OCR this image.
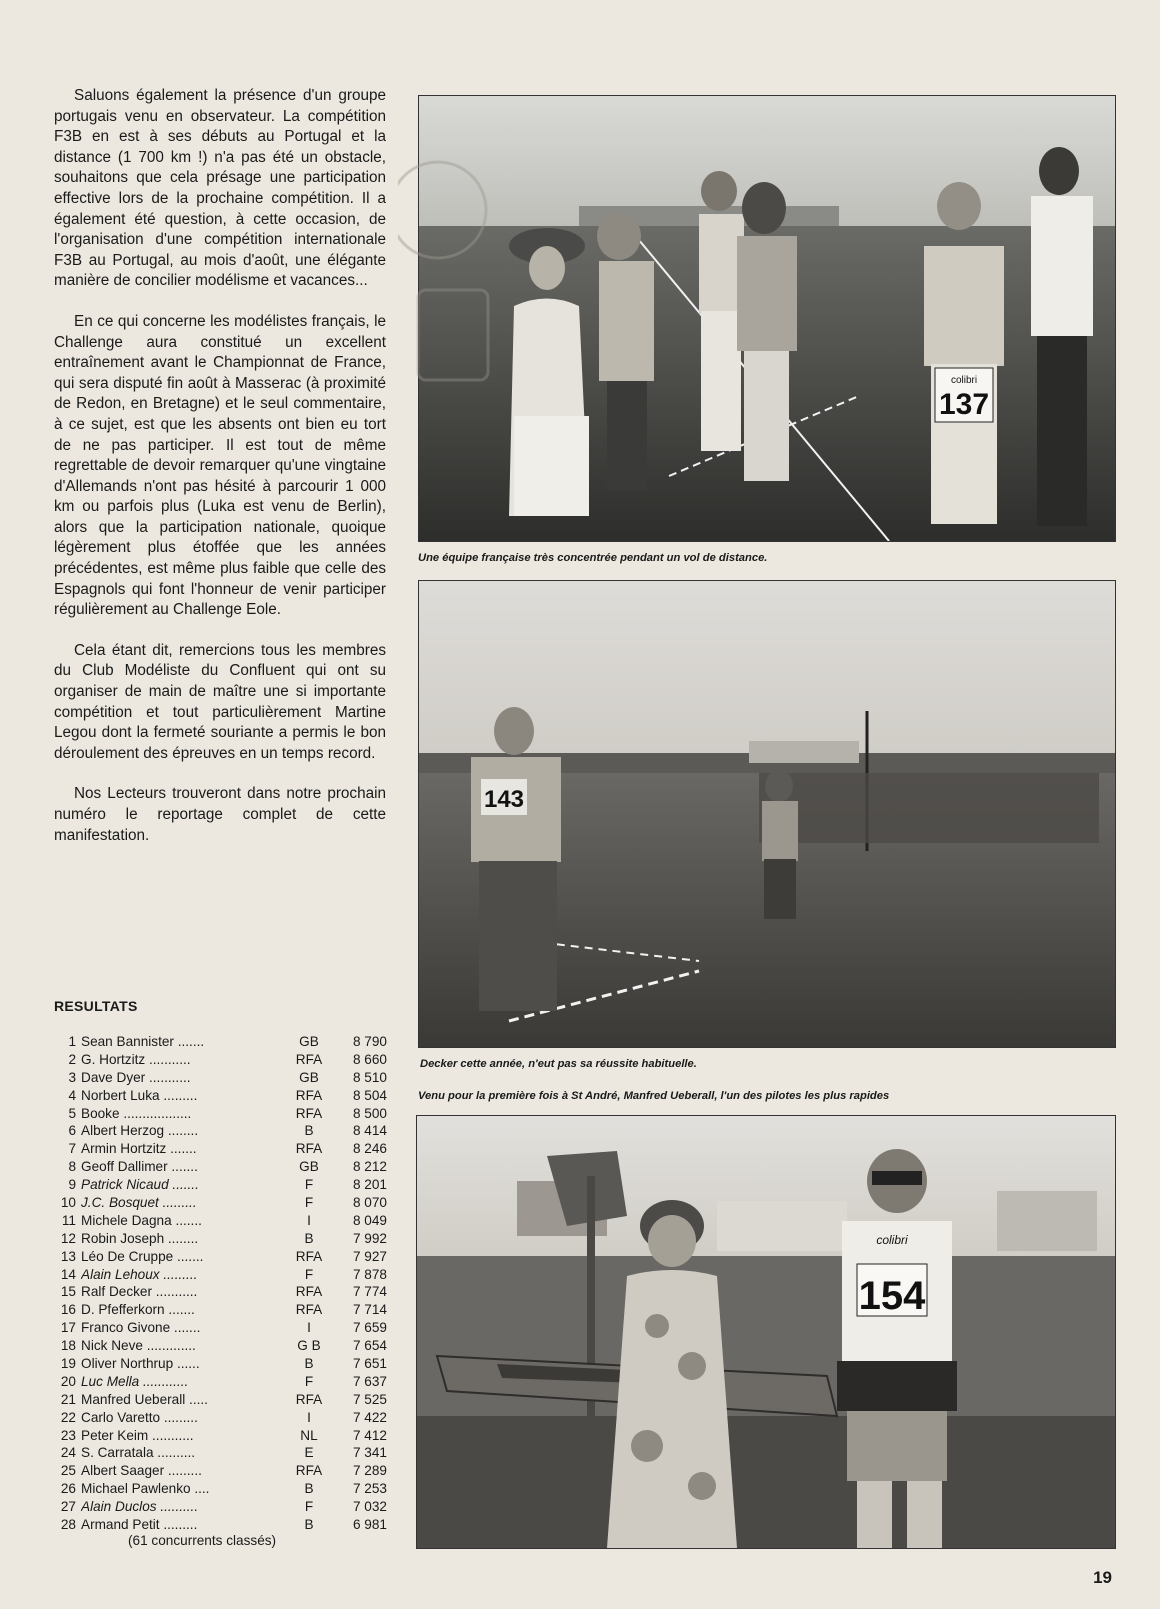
Saluons également la présence d'un groupe portugais venu en observateur. La compétition F3B en est à ses débuts au Portugal et la distance (1 700 km !) n'a pas été un obstacle, souhaitons que cela présage une participation effective lors de la prochaine compétition. Il a également été question, à cette occasion, de l'organisation d'une compétition internationale F3B au Portugal, au mois d'août, une élégante manière de concilier modélisme et vacances...

En ce qui concerne les modélistes français, le Challenge aura constitué un excellent entraînement avant le Championnat de France, qui sera disputé fin août à Masserac (à proximité de Redon, en Bretagne) et le seul commentaire, à ce sujet, est que les absents ont bien eu tort de ne pas participer. Il est tout de même regrettable de devoir remarquer qu'une vingtaine d'Allemands n'ont pas hésité à parcourir 1 000 km ou parfois plus (Luka est venu de Berlin), alors que la participation nationale, quoique légèrement plus étoffée que les années précédentes, est même plus faible que celle des Espagnols qui font l'honneur de venir participer régulièrement au Challenge Eole.

Cela étant dit, remercions tous les membres du Club Modéliste du Confluent qui ont su organiser de main de maître une si importante compétition et tout particulièrement Martine Legou dont la fermeté souriante a permis le bon déroulement des épreuves en un temps record.

Nos Lecteurs trouveront dans notre prochain numéro le reportage complet de cette manifestation.

RESULTATS
1 Sean Bannister .......	GB	8 790
2 G. Hortzitz ...........	RFA	8 660
3 Dave Dyer ...........	GB	8 510
4 Norbert Luka .........	RFA	8 504
5 Booke ..................	RFA	8 500
6 Albert Herzog ........	B	8 414
7 Armin Hortzitz .......	RFA	8 246
8 Geoff Dallimer .......	GB	8 212
9 Patrick Nicaud .......	F	8 201
10 J.C. Bosquet .........	F	8 070
11 Michele Dagna .......	I	8 049
12 Robin Joseph ........	B	7 992
13 Léo De Cruppe .......	RFA	7 927
14 Alain Lehoux .........	F	7 878
15 Ralf Decker ...........	RFA	7 774
16 D. Pfefferkorn .......	RFA	7 714
17 Franco Givone .......	I	7 659
18 Nick Neve .............	G B	7 654
19 Oliver Northrup ......	B	7 651
20 Luc Mella ............	F	7 637
21 Manfred Ueberall .....	RFA	7 525
22 Carlo Varetto .........	I	7 422
23 Peter Keim ...........	NL	7 412
24 S. Carratala ..........	E	7 341
25 Albert Saager .........	RFA	7 289
26 Michael Pawlenko ....	B	7 253
27 Alain Duclos ..........	F	7 032
28 Armand Petit .........	B	6 981
(61 concurrents classés)
colibri
137
Une équipe française très concentrée pendant un vol de distance.
143
Decker cette année, n'eut pas sa réussite habituelle.
Venu pour la première fois à St André, Manfred Ueberall, l'un des pilotes les plus rapides
colibri
154
19
